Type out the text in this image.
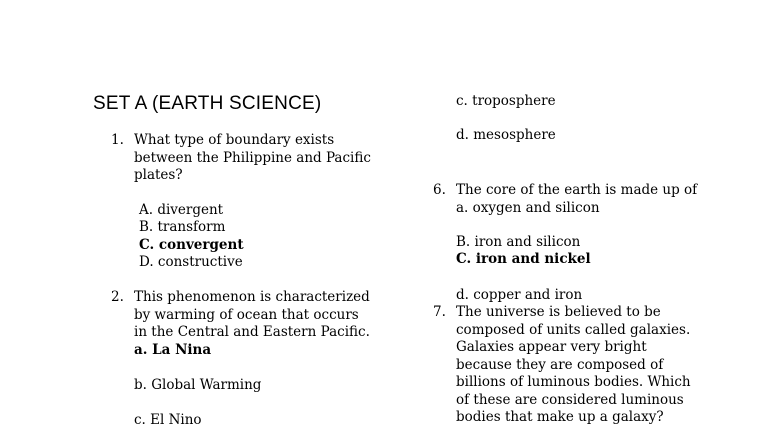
SET A (EARTH SCIENCE)
1. What type of boundary exists
between the Philippine and Pacific
plates?
A. divergent
B. transform
C. convergent
D. constructive
2. This phenomenon is characterized
by warming of ocean that occurs
in the Central and Eastern Pacific.
a. La Nina
b. Global Warming
c. El Nino
c. troposphere
d. mesosphere
6. The core of the earth is made up of
a. oxygen and silicon
B. iron and silicon
C. iron and nickel
d. copper and iron
7. The universe is believed to be
composed of units called galaxies.
Galaxies appear very bright
because they are composed of
billions of luminous bodies. Which
of these are considered luminous
bodies that make up a galaxy?
